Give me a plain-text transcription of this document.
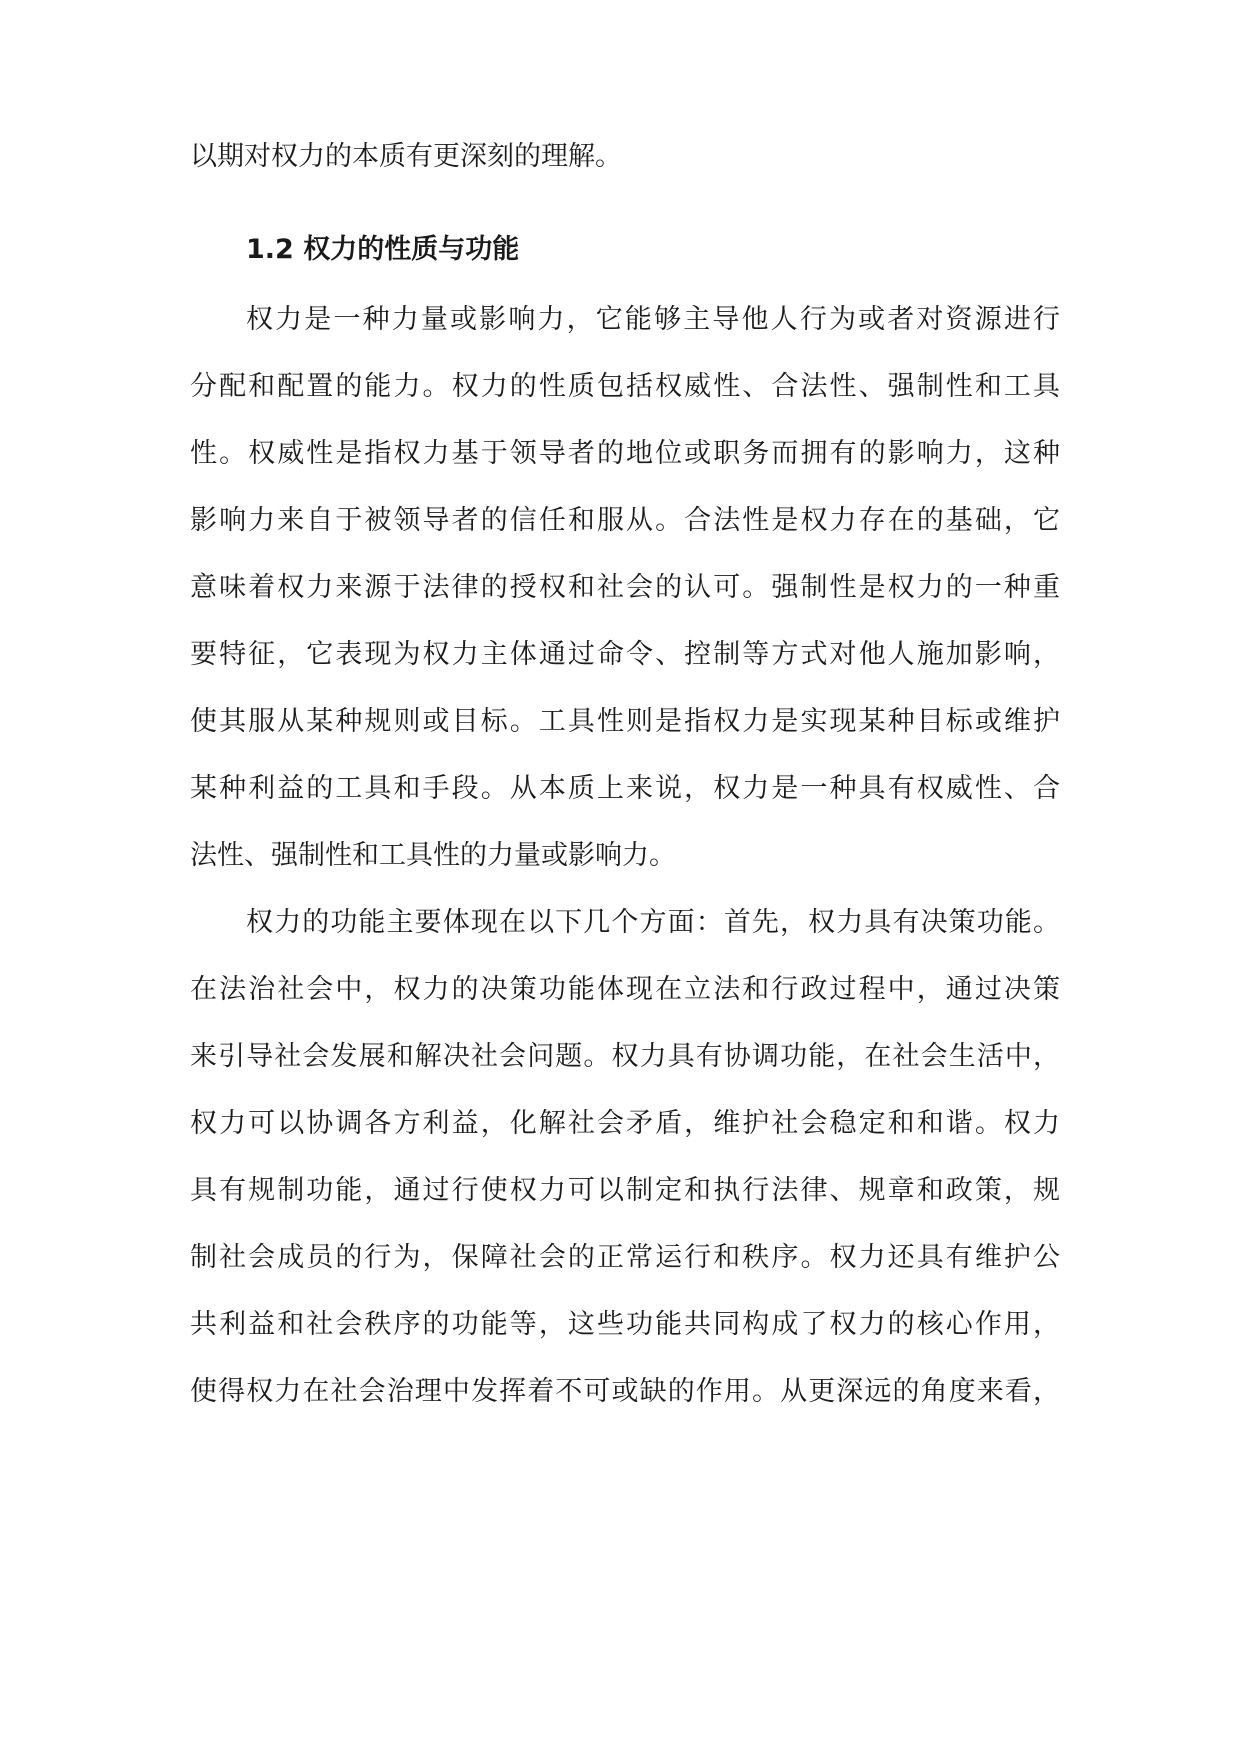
以期对权力的本质有更深刻的理解。
1.2 权力的性质与功能
权力是一种力量或影响力，它能够主导他人行为或者对资源进行
分配和配置的能力。权力的性质包括权威性、合法性、强制性和工具
性。权威性是指权力基于领导者的地位或职务而拥有的影响力，这种
影响力来自于被领导者的信任和服从。合法性是权力存在的基础，它
意味着权力来源于法律的授权和社会的认可。强制性是权力的一种重
要特征，它表现为权力主体通过命令、控制等方式对他人施加影响，
使其服从某种规则或目标。工具性则是指权力是实现某种目标或维护
某种利益的工具和手段。从本质上来说，权力是一种具有权威性、合
法性、强制性和工具性的力量或影响力。
权力的功能主要体现在以下几个方面：首先，权力具有决策功能。
在法治社会中，权力的决策功能体现在立法和行政过程中，通过决策
来引导社会发展和解决社会问题。权力具有协调功能，在社会生活中，
权力可以协调各方利益，化解社会矛盾，维护社会稳定和和谐。权力
具有规制功能，通过行使权力可以制定和执行法律、规章和政策，规
制社会成员的行为，保障社会的正常运行和秩序。权力还具有维护公
共利益和社会秩序的功能等，这些功能共同构成了权力的核心作用，
使得权力在社会治理中发挥着不可或缺的作用。从更深远的角度来看，
